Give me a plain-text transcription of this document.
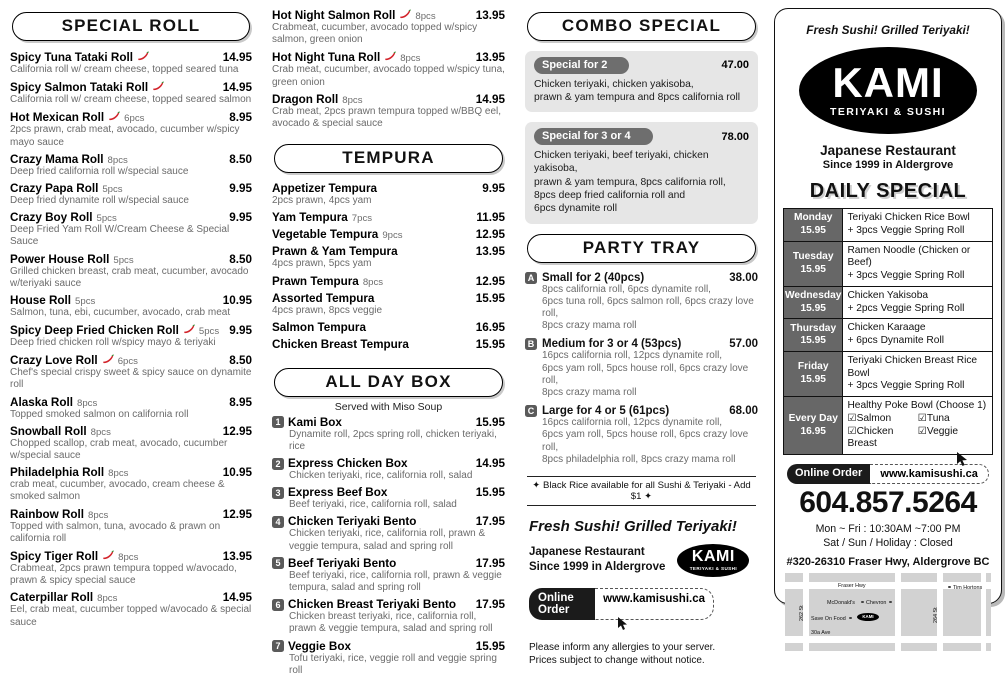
SPECIAL ROLL
Spicy Tuna Tataki Roll	14.95
California roll w/ cream cheese, topped seared tuna
Spicy Salmon Tataki Roll	14.95
California roll w/ cream cheese, topped seared salmon
Hot Mexican Roll 6pcs	8.95
2pcs prawn, crab meat, avocado, cucumber w/spicy mayo sauce
Crazy Mama Roll 8pcs	8.50
Deep fried california roll w/special sauce
Crazy Papa Roll 5pcs	9.95
Deep fried dynamite roll w/special sauce
Crazy Boy Roll 5pcs	9.95
Deep Fried Yam Roll W/Cream Cheese & Special Sauce
Power House Roll 5pcs	8.50
Grilled chicken breast, crab meat, cucumber, avocado w/teriyaki sauce
House Roll 5pcs	10.95
Salmon, tuna, ebi, cucumber, avocado, crab meat
Spicy Deep Fried Chicken Roll 5pcs 9.95
Deep fried chicken roll w/spicy mayo & teriyaki
Crazy Love Roll 6pcs	8.50
Chef's special crispy sweet & spicy sauce on dynamite roll
Alaska Roll 8pcs	8.95
Topped smoked salmon on california roll
Snowball Roll 8pcs	12.95
Chopped scallop, crab meat, avocado, cucumber w/special sauce
Philadelphia Roll 8pcs	10.95
crab meat, cucumber, avocado, cream cheese & smoked salmon
Rainbow Roll 8pcs	12.95
Topped with salmon, tuna, avocado & prawn on california roll
Spicy Tiger Roll 8pcs	13.95
Crabmeat, 2pcs prawn tempura topped w/avocado, prawn & spicy special sauce
Caterpillar Roll 8pcs	14.95
Eel, crab meat, cucumber topped w/avocado & special sauce
Hot Night Salmon Roll 8pcs	13.95
Crabmeat, cucumber, avocado topped w/spicy salmon, green onion
Hot Night Tuna Roll 8pcs	13.95
Crab meat, cucumber, avocado topped w/spicy tuna, green onion
Dragon Roll 8pcs	14.95
Crab meat, 2pcs prawn tempura topped w/BBQ eel, avocado & special sauce
TEMPURA
Appetizer Tempura	9.95
2pcs prawn, 4pcs yam
Yam Tempura 7pcs	11.95
Vegetable Tempura 9pcs	12.95
Prawn & Yam Tempura	13.95
4pcs prawn, 5pcs yam
Prawn Tempura 8pcs	12.95
Assorted Tempura	15.95
4pcs prawn, 8pcs veggie
Salmon Tempura	16.95
Chicken Breast Tempura	15.95
ALL DAY BOX
Served with Miso Soup
1 Kami Box	15.95
Dynamite roll, 2pcs spring roll, chicken teriyaki, rice
2 Express Chicken Box	14.95
Chicken teriyaki, rice, california roll, salad
3 Express Beef Box	15.95
Beef teriyaki, rice, california roll, salad
4 Chicken Teriyaki Bento	17.95
Chicken teriyaki, rice, california roll, prawn & veggie tempura, salad and spring roll
5 Beef Teriyaki Bento	17.95
Beef teriyaki, rice, california roll, prawn & veggie tempura, salad and spring roll
6 Chicken Breast Teriyaki Bento 17.95
Chicken breast teriyaki, rice, california roll, prawn & veggie tempura, salad and spring roll
7 Veggie Box	15.95
Tofu teriyaki, rice, veggie roll and veggie spring roll
COMBO SPECIAL
Special for 2	47.00
Chicken teriyaki, chicken yakisoba,
prawn & yam tempura and 8pcs california roll
Special for 3 or 4	78.00
Chicken teriyaki, beef teriyaki, chicken yakisoba,
prawn & yam tempura, 8pcs california roll,
8pcs deep fried california roll and
6pcs dynamite roll
PARTY TRAY
A Small for 2 (40pcs)	38.00
8pcs california roll, 6pcs dynamite roll,
6pcs tuna roll, 6pcs salmon roll, 6pcs crazy love roll,
8pcs crazy mama roll
B Medium for 3 or 4 (53pcs)	57.00
16pcs california roll, 12pcs dynamite roll,
6pcs yam roll, 5pcs house roll, 6pcs crazy love roll,
8pcs crazy mama roll
C Large for 4 or 5 (61pcs)	68.00
16pcs california roll, 12pcs dynamite roll,
6pcs yam roll, 5pcs house roll, 6pcs crazy love roll,
8pcs philadelphia roll, 8pcs crazy mama roll
✦ Black Rice available for all Sushi & Teriyaki - Add $1 ✦
Fresh Sushi! Grilled Teriyaki!
Japanese Restaurant
Since 1999 in Aldergrove
KAMI
TERIYAKI & SUSHI
Online Order
www.kamisushi.ca
Please inform any allergies to your server.
Prices subject to change without notice.
Fresh Sushi! Grilled Teriyaki!
KAMI
TERIYAKI & SUSHI
Japanese Restaurant
Since 1999 in Aldergrove
DAILY SPECIAL
Monday
15.95	Teriyaki Chicken Rice Bowl
+ 3pcs Veggie Spring Roll
Tuesday
15.95	Ramen Noodle (Chicken or Beef)
+ 3pcs Veggie Spring Roll
Wednesday
15.95	Chicken Yakisoba
+ 2pcs Veggie Spring Roll
Thursday
15.95	Chicken Karaage
+ 6pcs Dynamite Roll
Friday
15.95	Teriyaki Chicken Breast Rice Bowl
+ 3pcs Veggie Spring Roll
Every Day
16.95	Healthy Poke Bowl (Choose 1)
☑Salmon ☑Tuna
☑Chicken Breast
☑Veggie
Online Order	www.kamisushi.ca
604.857.5264
Mon ~ Fri : 10:30AM ~7:00 PM
Sat / Sun / Holiday : Closed
#320-26310 Fraser Hwy, Aldergrove BC
Fraser Hwy
McDonald's Chevron
Save On Food	KAMI
30a Ave
Tim Hortons
262 St	264 St
